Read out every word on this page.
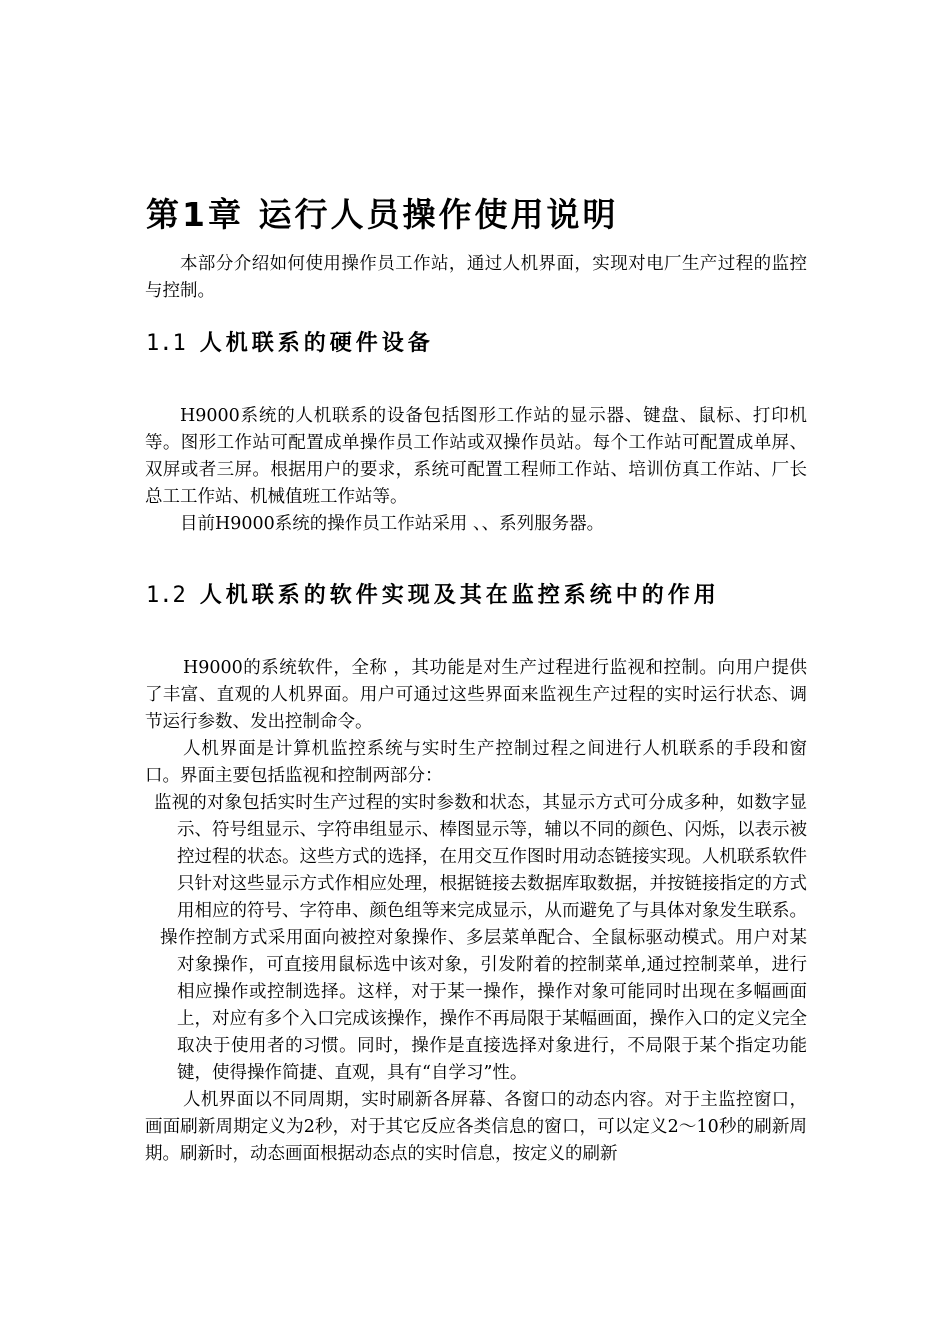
第1章 运行人员操作使用说明

本部分介绍如何使用操作员工作站，通过人机界面，实现对电厂生产过程的监控与控制。

1.1 人机联系的硬件设备

H9000系统的人机联系的设备包括图形工作站的显示器、键盘、鼠标、打印机等。图形工作站可配置成单操作员工作站或双操作员站。每个工作站可配置成单屏、双屏或者三屏。根据用户的要求，系统可配置工程师工作站、培训仿真工作站、厂长总工工作站、机械值班工作站等。

目前H9000系统的操作员工作站采用 、、系列服务器。

1.2 人机联系的软件实现及其在监控系统中的作用

H9000的系统软件，全称 ，其功能是对生产过程进行监视和控制。向用户提供了丰富、直观的人机界面。用户可通过这些界面来监视生产过程的实时运行状态、调节运行参数、发出控制命令。

人机界面是计算机监控系统与实时生产控制过程之间进行人机联系的手段和窗口。界面主要包括监视和控制两部分：

监视的对象包括实时生产过程的实时参数和状态，其显示方式可分成多种，如数字显示、符号组显示、字符串组显示、棒图显示等，辅以不同的颜色、闪烁，以表示被控过程的状态。这些方式的选择，在用交互作图时用动态链接实现。人机联系软件只针对这些显示方式作相应处理，根据链接去数据库取数据，并按链接指定的方式用相应的符号、字符串、颜色组等来完成显示，从而避免了与具体对象发生联系。

操作控制方式采用面向被控对象操作、多层菜单配合、全鼠标驱动模式。用户对某对象操作，可直接用鼠标选中该对象，引发附着的控制菜单,通过控制菜单，进行相应操作或控制选择。这样，对于某一操作，操作对象可能同时出现在多幅画面上，对应有多个入口完成该操作，操作不再局限于某幅画面，操作入口的定义完全取决于使用者的习惯。同时，操作是直接选择对象进行，不局限于某个指定功能键，使得操作简捷、直观，具有“自学习”性。

人机界面以不同周期，实时刷新各屏幕、各窗口的动态内容。对于主监控窗口，画面刷新周期定义为2秒，对于其它反应各类信息的窗口，可以定义2～10秒的刷新周期。刷新时，动态画面根据动态点的实时信息，按定义的刷新
